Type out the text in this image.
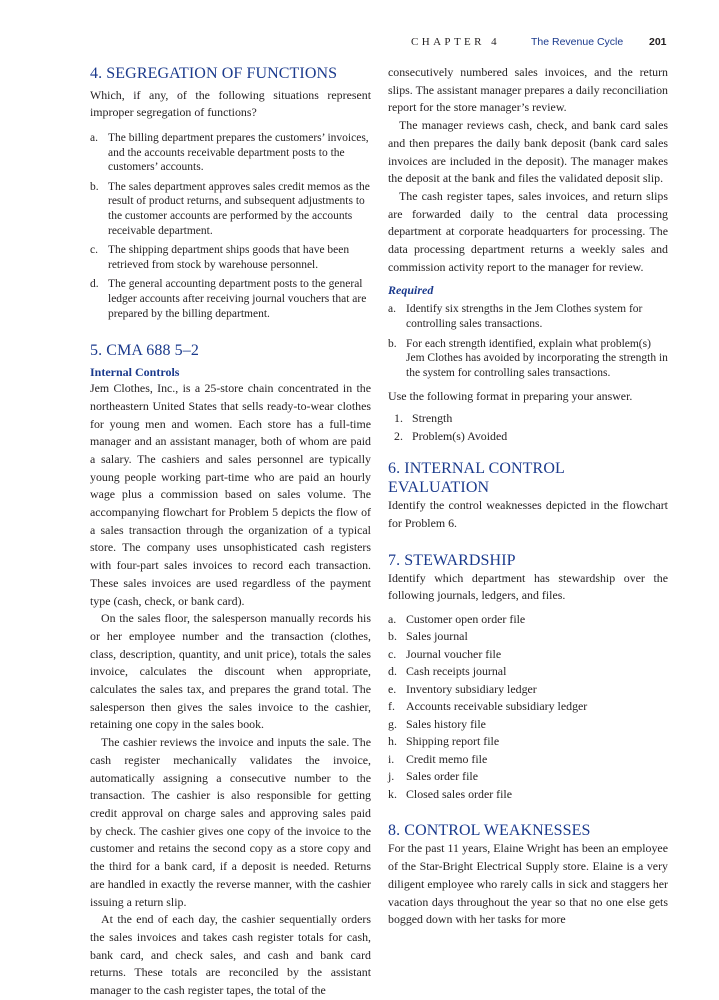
CHAPTER 4	The Revenue Cycle 201
4. SEGREGATION OF FUNCTIONS

Which, if any, of the following situations represent improper segregation of functions?

a. The billing department prepares the customers’ invoices, and the accounts receivable department posts to the customers’ accounts.
b. The sales department approves sales credit memos as the result of product returns, and subsequent adjustments to the customer accounts are performed by the accounts receivable department.
c. The shipping department ships goods that have been retrieved from stock by warehouse personnel.
d. The general accounting department posts to the general ledger accounts after receiving journal vouchers that are prepared by the billing department.
5. CMA 688 5–2
Internal Controls

Jem Clothes, Inc., is a 25-store chain concentrated in the northeastern United States that sells ready-to-wear clothes for young men and women. Each store has a full-time manager and an assistant manager, both of whom are paid a salary. The cashiers and sales personnel are typically young people working part-time who are paid an hourly wage plus a commission based on sales volume. The accompanying flowchart for Problem 5 depicts the flow of a sales transaction through the organization of a typical store. The company uses unsophisticated cash registers with four-part sales invoices to record each transaction. These sales invoices are used regardless of the payment type (cash, check, or bank card).

On the sales floor, the salesperson manually records his or her employee number and the transaction (clothes, class, description, quantity, and unit price), totals the sales invoice, calculates the discount when appropriate, calculates the sales tax, and prepares the grand total. The salesperson then gives the sales invoice to the cashier, retaining one copy in the sales book.

The cashier reviews the invoice and inputs the sale. The cash register mechanically validates the invoice, automatically assigning a consecutive number to the transaction. The cashier is also responsible for getting credit approval on charge sales and approving sales paid by check. The cashier gives one copy of the invoice to the customer and retains the second copy as a store copy and the third for a bank card, if a deposit is needed. Returns are handled in exactly the reverse manner, with the cashier issuing a return slip.

At the end of each day, the cashier sequentially orders the sales invoices and takes cash register totals for cash, bank card, and check sales, and cash and bank card returns. These totals are reconciled by the assistant manager to the cash register tapes, the total of the

consecutively numbered sales invoices, and the return slips. The assistant manager prepares a daily reconciliation report for the store manager’s review.

The manager reviews cash, check, and bank card sales and then prepares the daily bank deposit (bank card sales invoices are included in the deposit). The manager makes the deposit at the bank and files the validated deposit slip.

The cash register tapes, sales invoices, and return slips are forwarded daily to the central data processing department at corporate headquarters for processing. The data processing department returns a weekly sales and commission activity report to the manager for review.

Required
a. Identify six strengths in the Jem Clothes system for controlling sales transactions.
b. For each strength identified, explain what problem(s) Jem Clothes has avoided by incorporating the strength in the system for controlling sales transactions.

Use the following format in preparing your answer.

1. Strength
2. Problem(s) Avoided
6. INTERNAL CONTROL
EVALUATION

Identify the control weaknesses depicted in the flowchart for Problem 6.

7. STEWARDSHIP

Identify which department has stewardship over the following journals, ledgers, and files.

a. Customer open order file
b. Sales journal
c. Journal voucher file
d. Cash receipts journal
e. Inventory subsidiary ledger
f. Accounts receivable subsidiary ledger
g. Sales history file
h. Shipping report file
i. Credit memo file
j. Sales order file
k. Closed sales order file
8. CONTROL WEAKNESSES

For the past 11 years, Elaine Wright has been an employee of the Star-Bright Electrical Supply store. Elaine is a very diligent employee who rarely calls in sick and staggers her vacation days throughout the year so that no one else gets bogged down with her tasks for more
